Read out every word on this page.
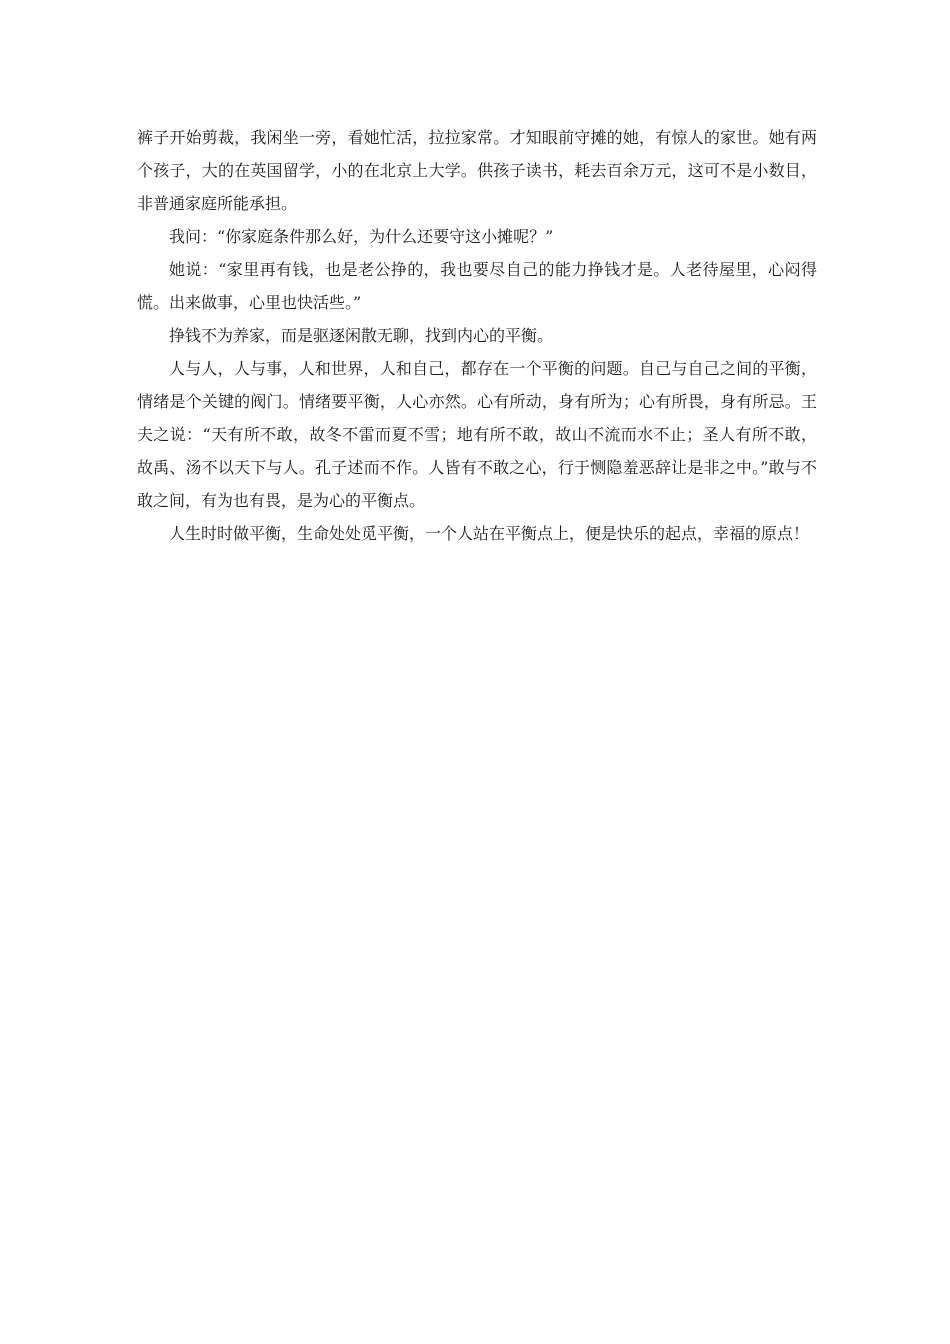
裤子开始剪裁，我闲坐一旁，看她忙活，拉拉家常。才知眼前守摊的她，有惊人的家世。她有两个孩子，大的在英国留学，小的在北京上大学。供孩子读书，耗去百余万元，这可不是小数目，非普通家庭所能承担。

我问：“你家庭条件那么好，为什么还要守这小摊呢？”

她说：“家里再有钱，也是老公挣的，我也要尽自己的能力挣钱才是。人老待屋里，心闷得慌。出来做事，心里也快活些。”

挣钱不为养家，而是驱逐闲散无聊，找到内心的平衡。

人与人，人与事，人和世界，人和自己，都存在一个平衡的问题。自己与自己之间的平衡，情绪是个关键的阀门。情绪要平衡，人心亦然。心有所动，身有所为；心有所畏，身有所忌。王夫之说：“天有所不敢，故冬不雷而夏不雪；地有所不敢，故山不流而水不止；圣人有所不敢，故禹、汤不以天下与人。孔子述而不作。人皆有不敢之心，行于恻隐羞恶辞让是非之中。”敢与不敢之间，有为也有畏，是为心的平衡点。

人生时时做平衡，生命处处觅平衡，一个人站在平衡点上，便是快乐的起点，幸福的原点！
